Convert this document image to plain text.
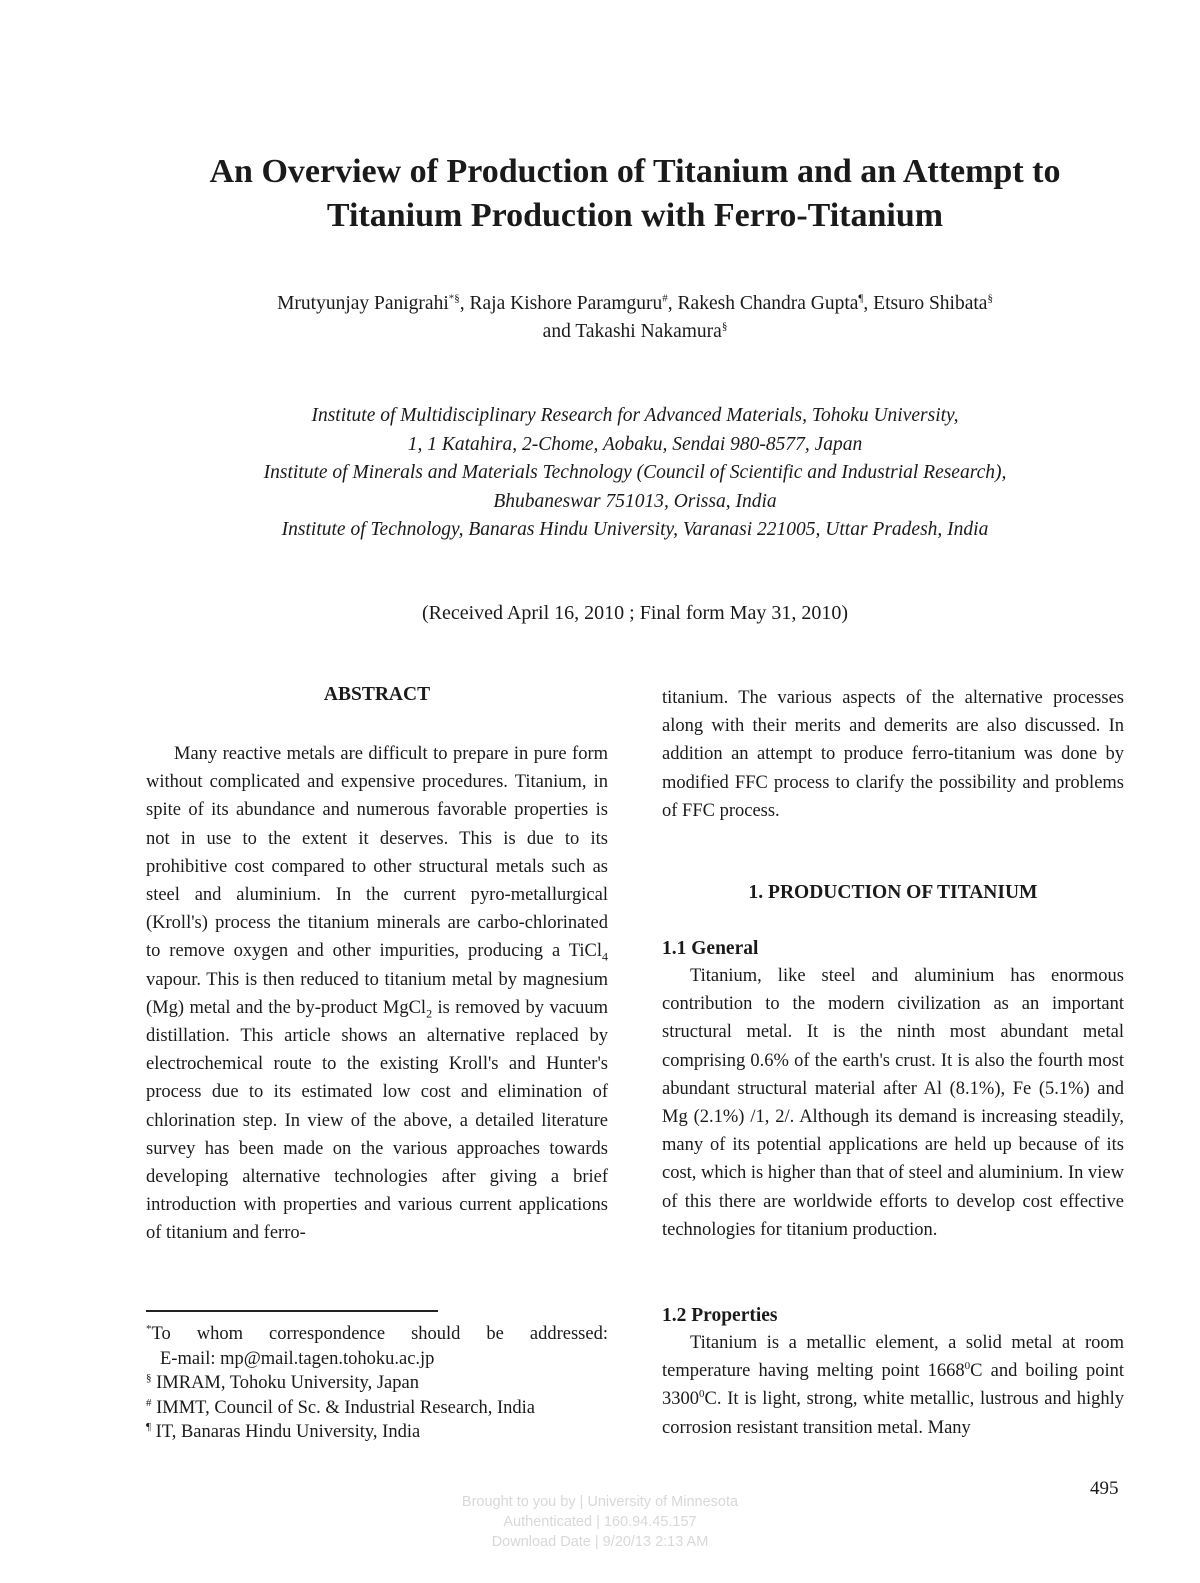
An Overview of Production of Titanium and an Attempt to
Titanium Production with Ferro-Titanium
Mrutyunjay Panigrahi*§, Raja Kishore Paramguru#, Rakesh Chandra Gupta¶, Etsuro Shibata§
and Takashi Nakamura§
Institute of Multidisciplinary Research for Advanced Materials, Tohoku University,
1, 1 Katahira, 2-Chome, Aobaku, Sendai 980-8577, Japan
Institute of Minerals and Materials Technology (Council of Scientific and Industrial Research),
Bhubaneswar 751013, Orissa, India
Institute of Technology, Banaras Hindu University, Varanasi 221005, Uttar Pradesh, India
(Received April 16, 2010 ; Final form May 31, 2010)
ABSTRACT

Many reactive metals are difficult to prepare in pure form without complicated and expensive procedures. Titanium, in spite of its abundance and numerous favorable properties is not in use to the extent it deserves. This is due to its prohibitive cost compared to other structural metals such as steel and aluminium. In the current pyro-metallurgical (Kroll's) process the titanium minerals are carbo-chlorinated to remove oxygen and other impurities, producing a TiCl$_4$ vapour. This is then reduced to titanium metal by magnesium (Mg) metal and the by-product MgCl$_2$ is removed by vacuum distillation. This article shows an alternative replaced by electrochemical route to the existing Kroll's and Hunter's process due to its estimated low cost and elimination of chlorination step. In view of the above, a detailed literature survey has been made on the various approaches towards developing alternative technologies after giving a brief introduction with properties and various current applications of titanium and ferro-

*To whom correspondence should be addressed:
E-mail: mp@mail.tagen.tohoku.ac.jp
§ IMRAM, Tohoku University, Japan
# IMMT, Council of Sc. & Industrial Research, India
¶ IT, Banaras Hindu University, India

titanium. The various aspects of the alternative processes along with their merits and demerits are also discussed. In addition an attempt to produce ferro-titanium was done by modified FFC process to clarify the possibility and problems of FFC process.

1. PRODUCTION OF TITANIUM
1.1 General

Titanium, like steel and aluminium has enormous contribution to the modern civilization as an important structural metal. It is the ninth most abundant metal comprising 0.6% of the earth's crust. It is also the fourth most abundant structural material after Al (8.1%), Fe (5.1%) and Mg (2.1%) /1, 2/. Although its demand is increasing steadily, many of its potential applications are held up because of its cost, which is higher than that of steel and aluminium. In view of this there are worldwide efforts to develop cost effective technologies for titanium production.

1.2 Properties

Titanium is a metallic element, a solid metal at room temperature having melting point 1668$^0$C and boiling point 3300$^0$C. It is light, strong, white metallic, lustrous and highly corrosion resistant transition metal. Many

495
Brought to you by | University of Minnesota
Authenticated | 160.94.45.157
Download Date | 9/20/13 2:13 AM
